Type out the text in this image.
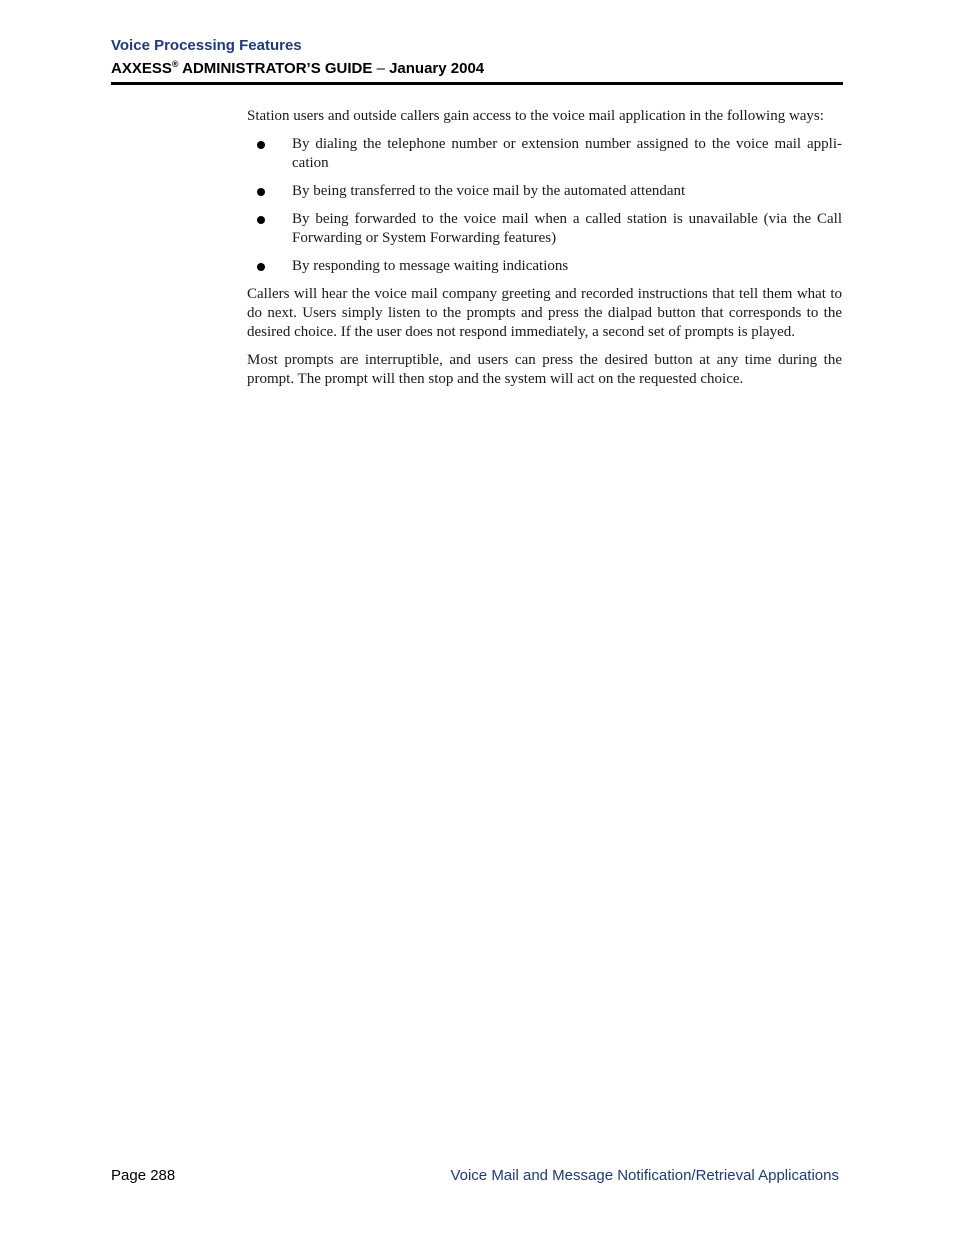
Voice Processing Features
AXXESS® ADMINISTRATOR’S GUIDE – January 2004

Station users and outside callers gain access to the voice mail application in the following ways:

By dialing the telephone number or extension number assigned to the voice mail appli-cation
By being transferred to the voice mail by the automated attendant
By being forwarded to the voice mail when a called station is unavailable (via the Call Forwarding or System Forwarding features)
By responding to message waiting indications

Callers will hear the voice mail company greeting and recorded instructions that tell them what to do next. Users simply listen to the prompts and press the dialpad button that corresponds to the desired choice. If the user does not respond immediately, a second set of prompts is played.

Most prompts are interruptible, and users can press the desired button at any time during the prompt. The prompt will then stop and the system will act on the requested choice.

Page 288	Voice Mail and Message Notification/Retrieval Applications
